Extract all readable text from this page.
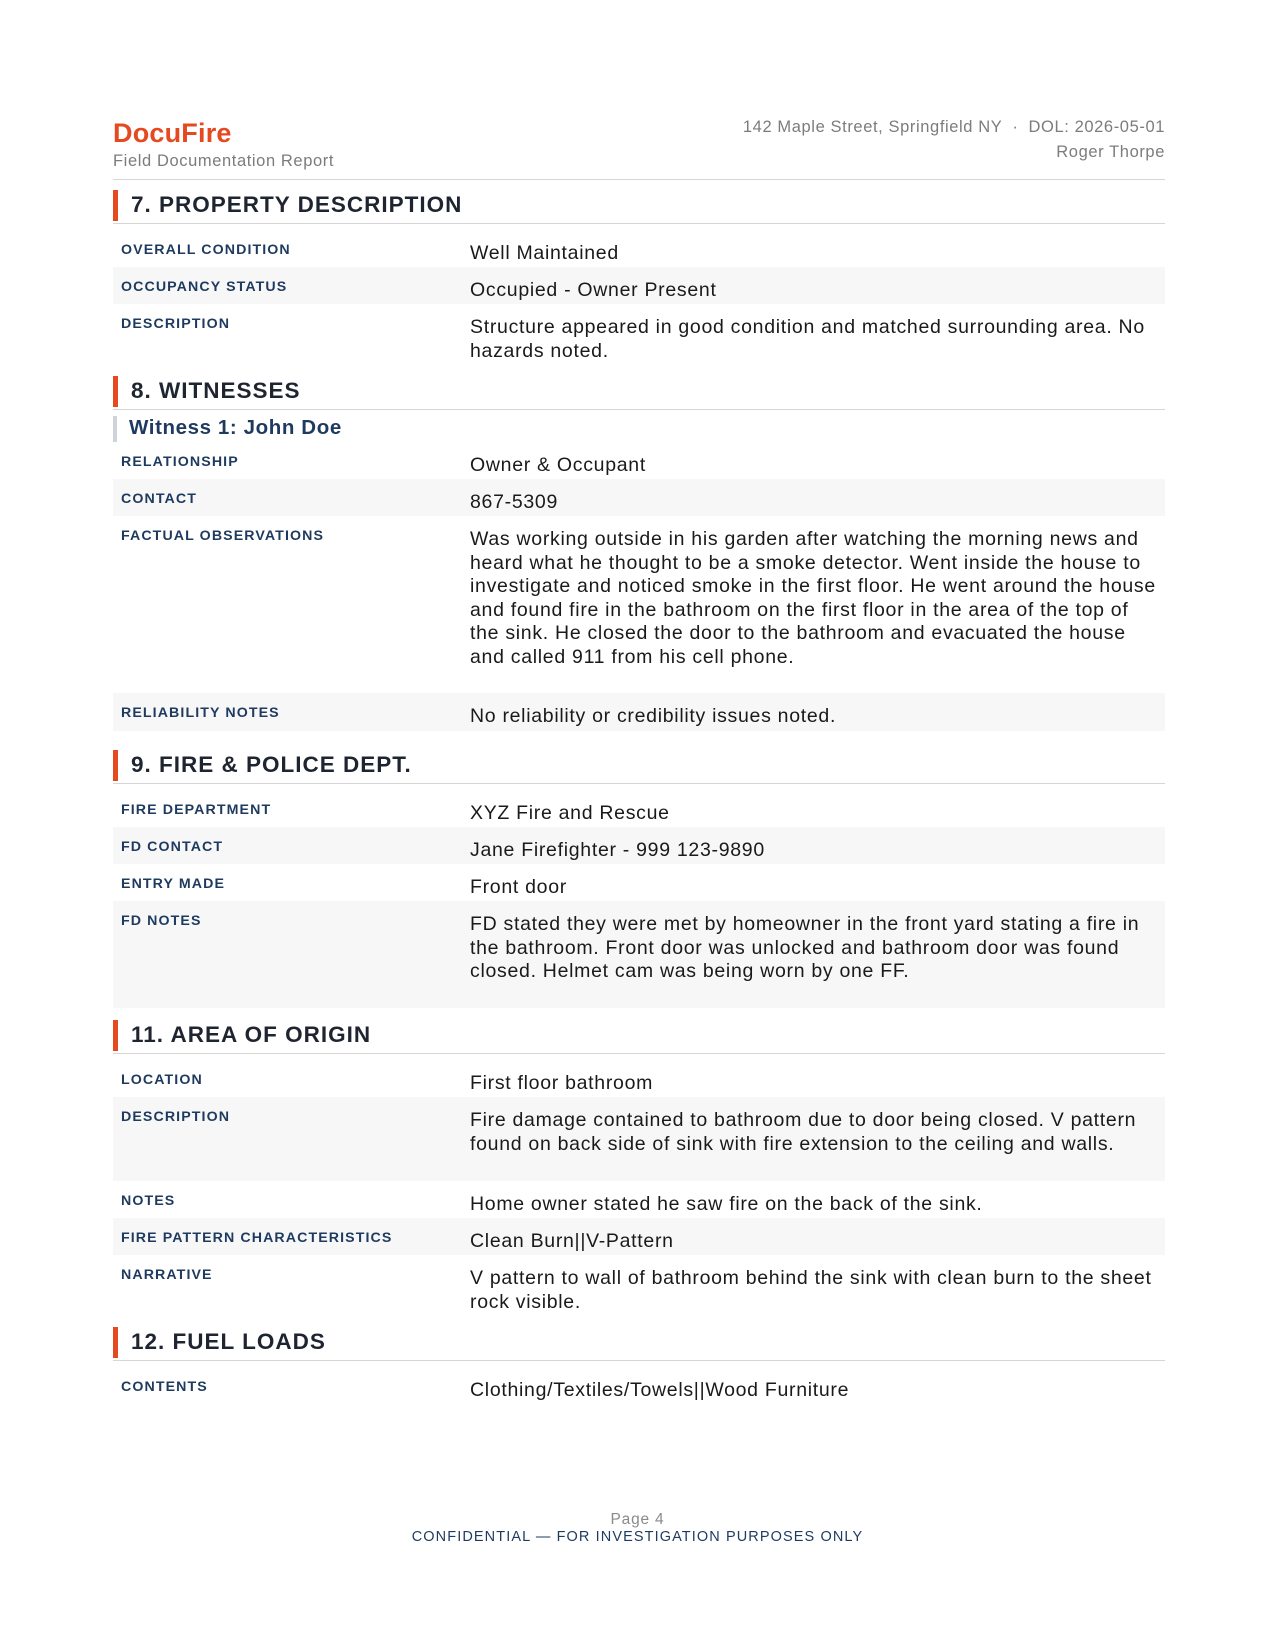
DocuFire
Field Documentation Report
142 Maple Street, Springfield NY · DOL: 2026-05-01
Roger Thorpe
7. PROPERTY DESCRIPTION
OVERALL CONDITION	Well Maintained
OCCUPANCY STATUS	Occupied - Owner Present
DESCRIPTION	Structure appeared in good condition and matched surrounding area. No hazards noted.
8. WITNESSES
Witness 1: John Doe
RELATIONSHIP	Owner & Occupant
CONTACT	867-5309
FACTUAL OBSERVATIONS	Was working outside in his garden after watching the morning news and heard what he thought to be a smoke detector. Went inside the house to investigate and noticed smoke in the first floor. He went around the house and found fire in the bathroom on the first floor in the area of the top of the sink. He closed the door to the bathroom and evacuated the house and called 911 from his cell phone.
RELIABILITY NOTES	No reliability or credibility issues noted.
9. FIRE & POLICE DEPT.
FIRE DEPARTMENT	XYZ Fire and Rescue
FD CONTACT	Jane Firefighter - 999 123-9890
ENTRY MADE	Front door
FD NOTES	FD stated they were met by homeowner in the front yard stating a fire in the bathroom. Front door was unlocked and bathroom door was found closed. Helmet cam was being worn by one FF.
11. AREA OF ORIGIN
LOCATION	First floor bathroom
DESCRIPTION	Fire damage contained to bathroom due to door being closed. V pattern found on back side of sink with fire extension to the ceiling and walls.
NOTES	Home owner stated he saw fire on the back of the sink.
FIRE PATTERN CHARACTERISTICS	Clean Burn||V-Pattern
NARRATIVE	V pattern to wall of bathroom behind the sink with clean burn to the sheet rock visible.
12. FUEL LOADS
CONTENTS	Clothing/Textiles/Towels||Wood Furniture
Page 4
CONFIDENTIAL — FOR INVESTIGATION PURPOSES ONLY
